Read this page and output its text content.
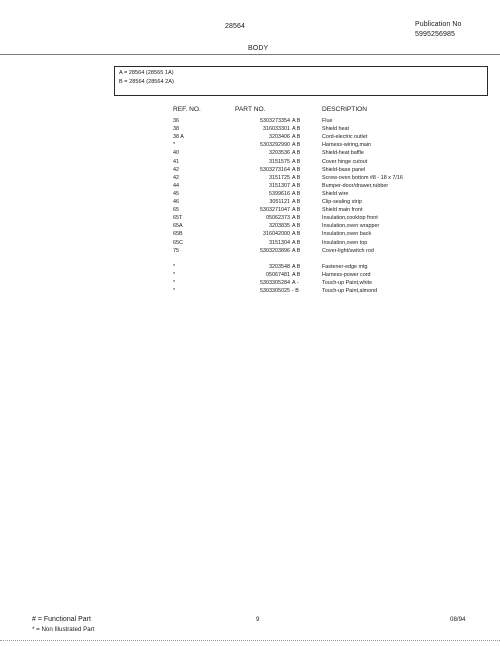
28564	Publication No
5995256985
BODY
A = 28564 (28565 1A)
B = 28564 (28564 2A)
REF. NO.	PART NO.	DESCRIPTION
36	5303273354 A B	Flue
38	316033301 A B	Shield heat
38 A	3203406 A B	Cord-electric outlet
*	5303292990 A B	Harness-wiring,main
40	3203536 A B	Shield-heat baffle
41	3151575 A B	Cover hinge cutout
42	5303273164 A B	Shield-base panel
42	3151725 A B	Screw-oven bottom #8 - 18 x 7/16
44	3151307 A B	Bumper-door/drawer,rubber
45	5399616 A B	Shield wire
46	3051121 A B	Clip-sealing strip
65	5303271047 A B	Shield main front
65T	05062373 A B	Insulation,cooktop front
65A	3203835 A B	Insulation,oven wrapper
65B	316042000 A B	Insulation,oven back
65C	3151304 A B	Insulation,oven top
75	5303203896 A B	Cover-light/switch rod
*	3203548 A B	Fastener-edge mtg
*	05067481 A B	Harness-power cord
*	5303305284 A -	Touch-up Paint,white
*	5303305025 - B	Touch-up Paint,almond
# = Functional Part
* = Non Illustrated Part
9	08/94
